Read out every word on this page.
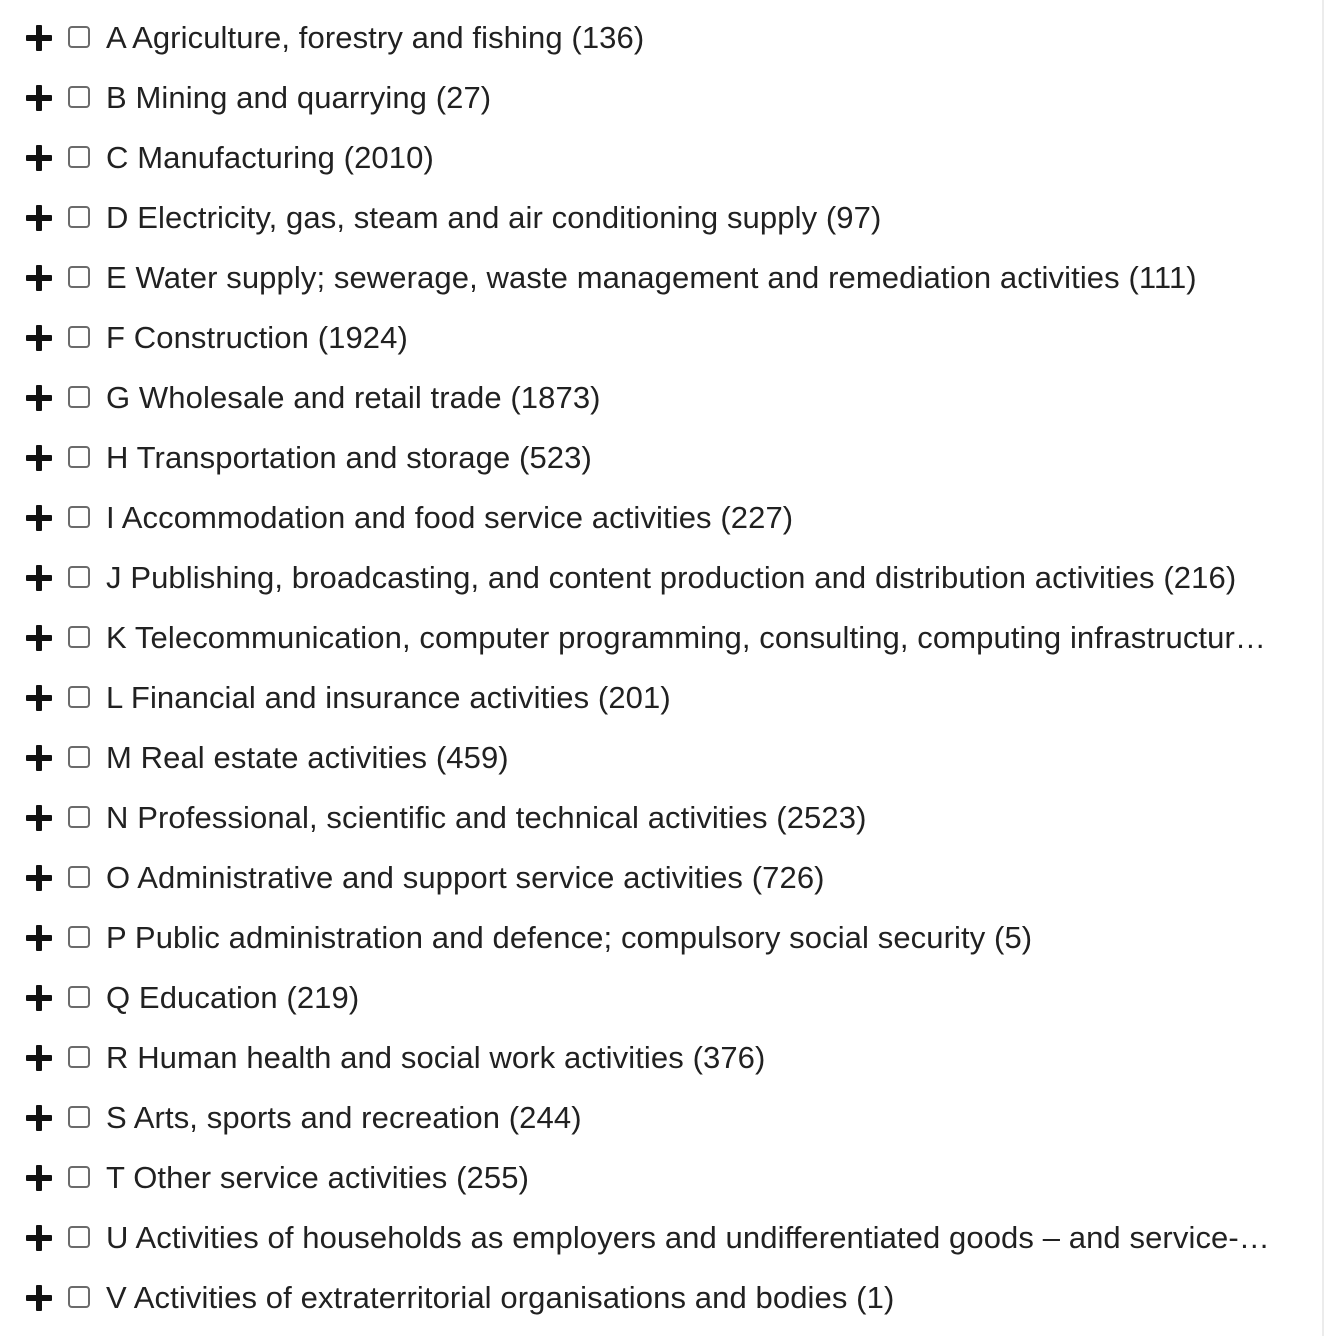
A Agriculture, forestry and fishing (136)
B Mining and quarrying (27)
C Manufacturing (2010)
D Electricity, gas, steam and air conditioning supply (97)
E Water supply; sewerage, waste management and remediation activities (111)
F Construction (1924)
G Wholesale and retail trade (1873)
H Transportation and storage (523)
I Accommodation and food service activities (227)
J Publishing, broadcasting, and content production and distribution activities (216)
K Telecommunication, computer programming, consulting, computing infrastructur…
L Financial and insurance activities (201)
M Real estate activities (459)
N Professional, scientific and technical activities (2523)
O Administrative and support service activities (726)
P Public administration and defence; compulsory social security (5)
Q Education (219)
R Human health and social work activities (376)
S Arts, sports and recreation (244)
T Other service activities (255)
U Activities of households as employers and undifferentiated goods – and service-…
V Activities of extraterritorial organisations and bodies (1)
